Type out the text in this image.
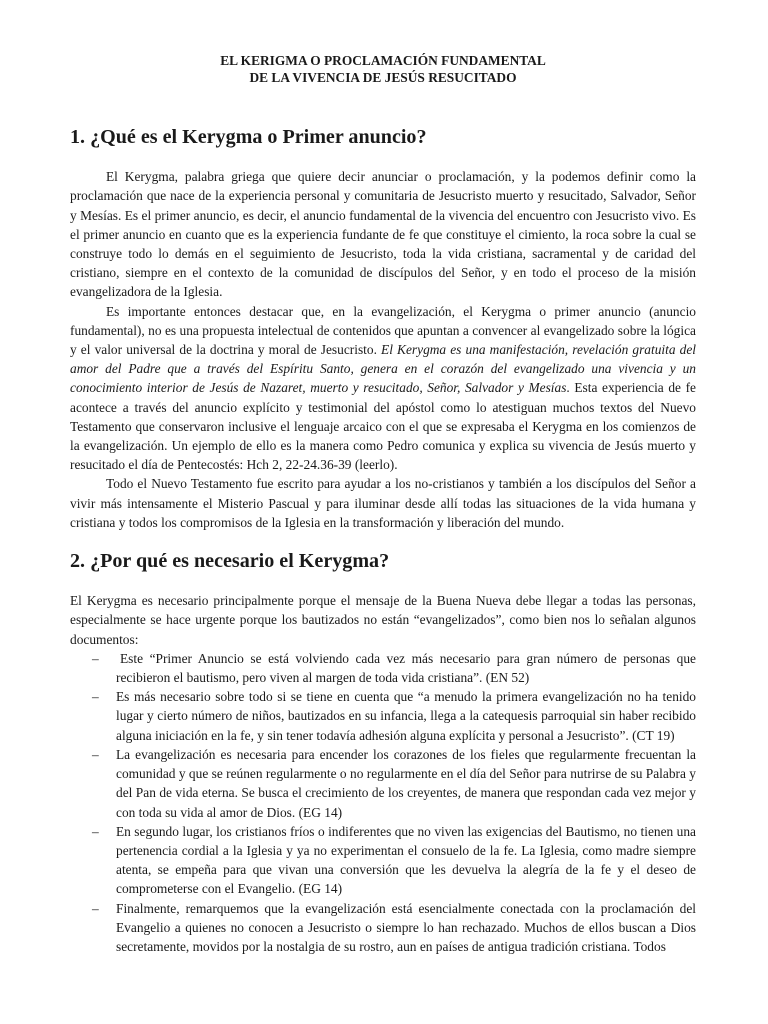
EL KERIGMA O PROCLAMACIÓN FUNDAMENTAL
DE LA VIVENCIA DE JESÚS RESUCITADO
1. ¿Qué es el Kerygma o Primer anuncio?

El Kerygma, palabra griega que quiere decir anunciar o proclamación, y la podemos definir como la proclamación que nace de la experiencia personal y comunitaria de Jesucristo muerto y resucitado, Salvador, Señor y Mesías. Es el primer anuncio, es decir, el anuncio fundamental de la vivencia del encuentro con Jesucristo vivo. Es el primer anuncio en cuanto que es la experiencia fundante de fe que constituye el cimiento, la roca sobre la cual se construye todo lo demás en el seguimiento de Jesucristo, toda la vida cristiana, sacramental y de caridad del cristiano, siempre en el contexto de la comunidad de discípulos del Señor, y en todo el proceso de la misión evangelizadora de la Iglesia.

Es importante entonces destacar que, en la evangelización, el Kerygma o primer anuncio (anuncio fundamental), no es una propuesta intelectual de contenidos que apuntan a convencer al evangelizado sobre la lógica y el valor universal de la doctrina y moral de Jesucristo. El Kerygma es una manifestación, revelación gratuita del amor del Padre que a través del Espíritu Santo, genera en el corazón del evangelizado una vivencia y un conocimiento interior de Jesús de Nazaret, muerto y resucitado, Señor, Salvador y Mesías. Esta experiencia de fe acontece a través del anuncio explícito y testimonial del apóstol como lo atestiguan muchos textos del Nuevo Testamento que conservaron inclusive el lenguaje arcaico con el que se expresaba el Kerygma en los comienzos de la evangelización. Un ejemplo de ello es la manera como Pedro comunica y explica su vivencia de Jesús muerto y resucitado el día de Pentecostés: Hch 2, 22-24.36-39 (leerlo).

Todo el Nuevo Testamento fue escrito para ayudar a los no-cristianos y también a los discípulos del Señor a vivir más intensamente el Misterio Pascual y para iluminar desde allí todas las situaciones de la vida humana y cristiana y todos los compromisos de la Iglesia en la transformación y liberación del mundo.

2. ¿Por qué es necesario el Kerygma?

El Kerygma es necesario principalmente porque el mensaje de la Buena Nueva debe llegar a todas las personas, especialmente se hace urgente porque los bautizados no están “evangelizados”, como bien nos lo señalan algunos documentos:

– Este “Primer Anuncio se está volviendo cada vez más necesario para gran número de personas que recibieron el bautismo, pero viven al margen de toda vida cristiana”. (EN 52)
– Es más necesario sobre todo si se tiene en cuenta que “a menudo la primera evangelización no ha tenido lugar y cierto número de niños, bautizados en su infancia, llega a la catequesis parroquial sin haber recibido alguna iniciación en la fe, y sin tener todavía adhesión alguna explícita y personal a Jesucristo”. (CT 19)
– La evangelización es necesaria para encender los corazones de los fieles que regularmente frecuentan la comunidad y que se reúnen regularmente o no regularmente en el día del Señor para nutrirse de su Palabra y del Pan de vida eterna. Se busca el crecimiento de los creyentes, de manera que respondan cada vez mejor y con toda su vida al amor de Dios. (EG 14)
– En segundo lugar, los cristianos fríos o indiferentes que no viven las exigencias del Bautismo, no tienen una pertenencia cordial a la Iglesia y ya no experimentan el consuelo de la fe. La Iglesia, como madre siempre atenta, se empeña para que vivan una conversión que les devuelva la alegría de la fe y el deseo de comprometerse con el Evangelio. (EG 14)
– Finalmente, remarquemos que la evangelización está esencialmente conectada con la proclamación del Evangelio a quienes no conocen a Jesucristo o siempre lo han rechazado. Muchos de ellos buscan a Dios secretamente, movidos por la nostalgia de su rostro, aun en países de antigua tradición cristiana. Todos
